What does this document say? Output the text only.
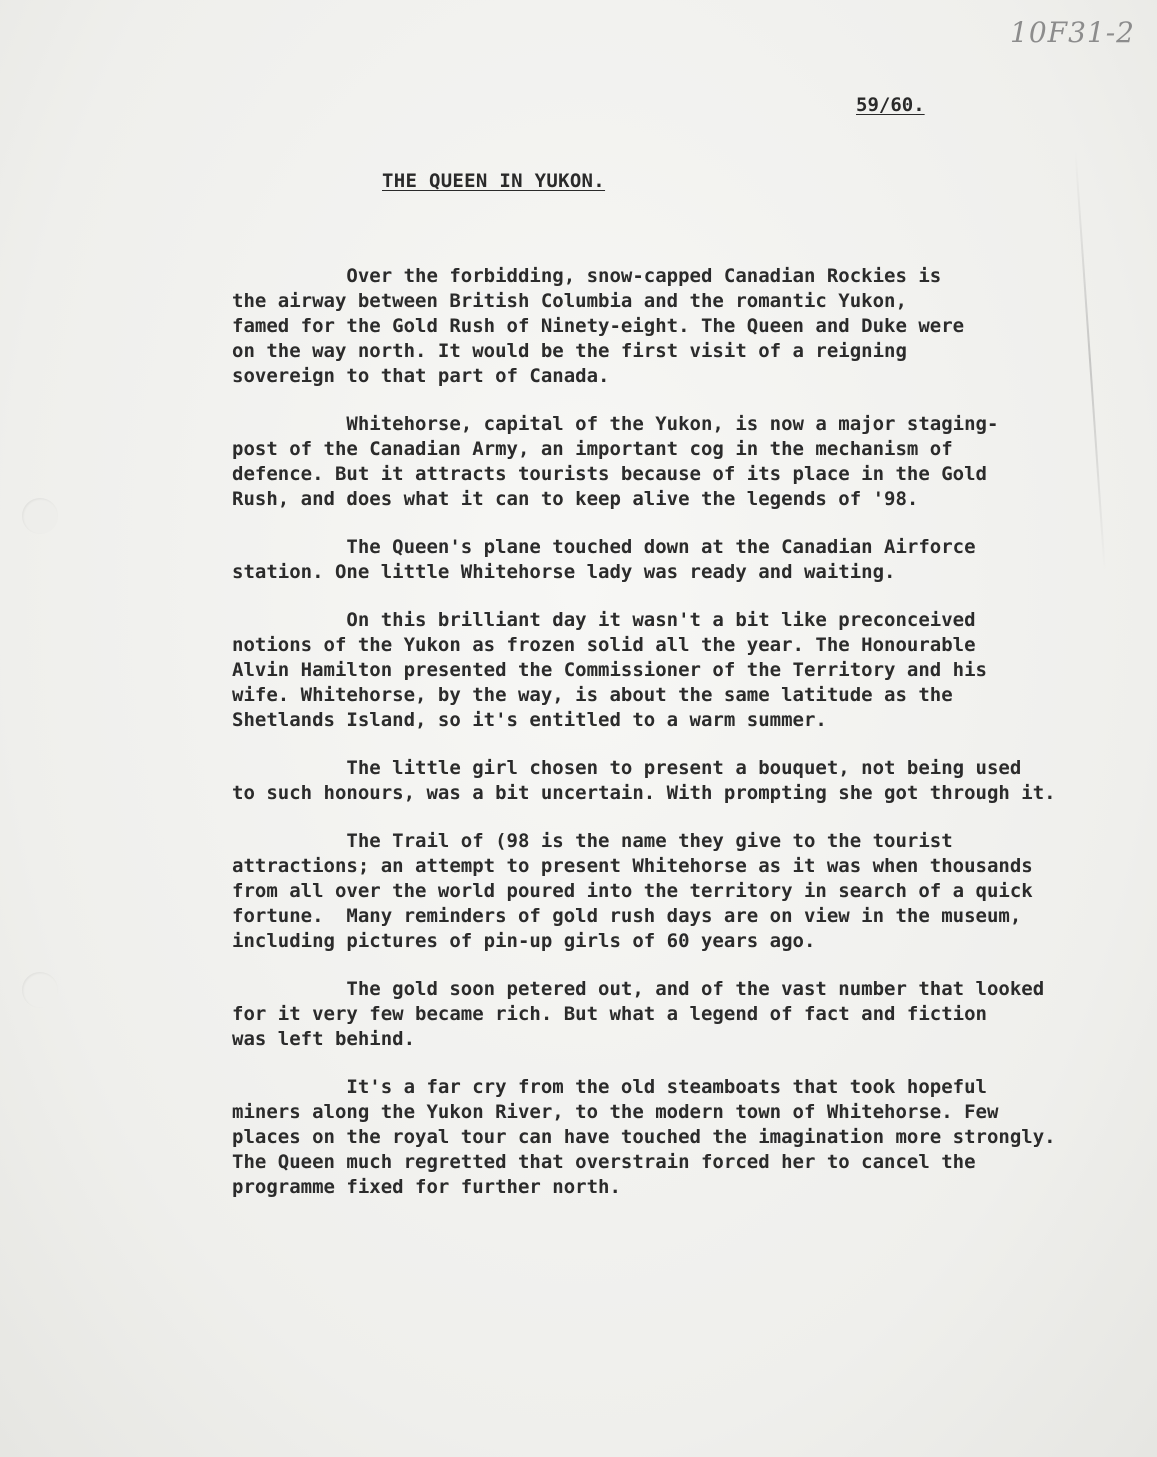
10F31-2
59/60.
THE QUEEN IN YUKON.

Over the forbidding, snow-capped Canadian Rockies is
the airway between British Columbia and the romantic Yukon,
famed for the Gold Rush of Ninety-eight. The Queen and Duke were
on the way north. It would be the first visit of a reigning
sovereign to that part of Canada.

Whitehorse, capital of the Yukon, is now a major staging-
post of the Canadian Army, an important cog in the mechanism of
defence. But it attracts tourists because of its place in the Gold
Rush, and does what it can to keep alive the legends of '98.

The Queen's plane touched down at the Canadian Airforce
station. One little Whitehorse lady was ready and waiting.

On this brilliant day it wasn't a bit like preconceived
notions of the Yukon as frozen solid all the year. The Honourable
Alvin Hamilton presented the Commissioner of the Territory and his
wife. Whitehorse, by the way, is about the same latitude as the
Shetlands Island, so it's entitled to a warm summer.

The little girl chosen to present a bouquet, not being used
to such honours, was a bit uncertain. With prompting she got through it.

The Trail of (98 is the name they give to the tourist
attractions; an attempt to present Whitehorse as it was when thousands
from all over the world poured into the territory in search of a quick
fortune.  Many reminders of gold rush days are on view in the museum,
including pictures of pin-up girls of 60 years ago.

The gold soon petered out, and of the vast number that looked
for it very few became rich. But what a legend of fact and fiction
was left behind.

It's a far cry from the old steamboats that took hopeful
miners along the Yukon River, to the modern town of Whitehorse. Few
places on the royal tour can have touched the imagination more strongly.
The Queen much regretted that overstrain forced her to cancel the
programme fixed for further north.
